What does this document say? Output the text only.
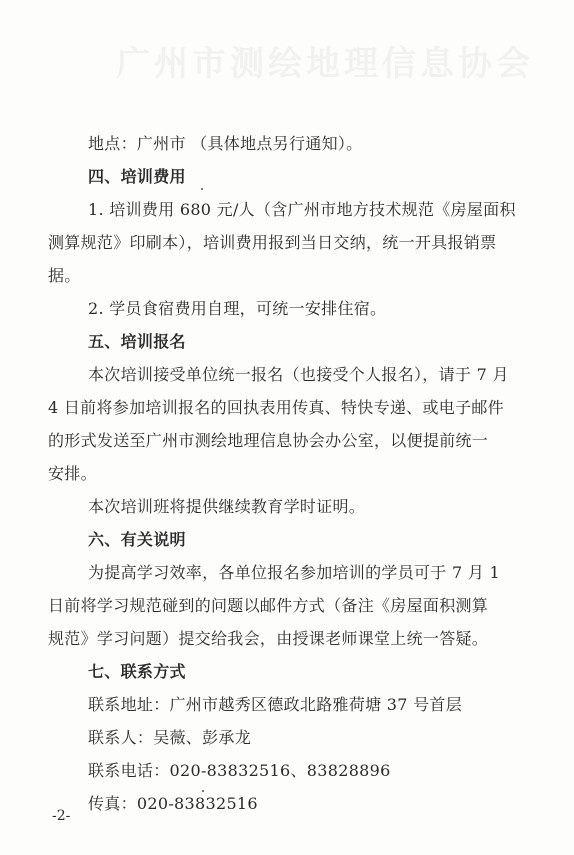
广州市测绘地理信息协会
地点：广州市 （具体地点另行通知）。
四、培训费用
1. 培训费用 680 元/人（含广州市地方技术规范《房屋面积
测算规范》印刷本），培训费用报到当日交纳，统一开具报销票
据。
2. 学员食宿费用自理，可统一安排住宿。
五、培训报名
本次培训接受单位统一报名（也接受个人报名），请于 7 月
4 日前将参加培训报名的回执表用传真、特快专递、或电子邮件
的形式发送至广州市测绘地理信息协会办公室，以便提前统一
安排。
本次培训班将提供继续教育学时证明。
六、有关说明
为提高学习效率，各单位报名参加培训的学员可于 7 月 1
日前将学习规范碰到的问题以邮件方式（备注《房屋面积测算
规范》学习问题）提交给我会，由授课老师课堂上统一答疑。
七、联系方式
联系地址：广州市越秀区德政北路雅荷塘 37 号首层
联系人：吴薇、彭承龙
联系电话：020-83832516、83828896
传真：020-83832516
-2-
